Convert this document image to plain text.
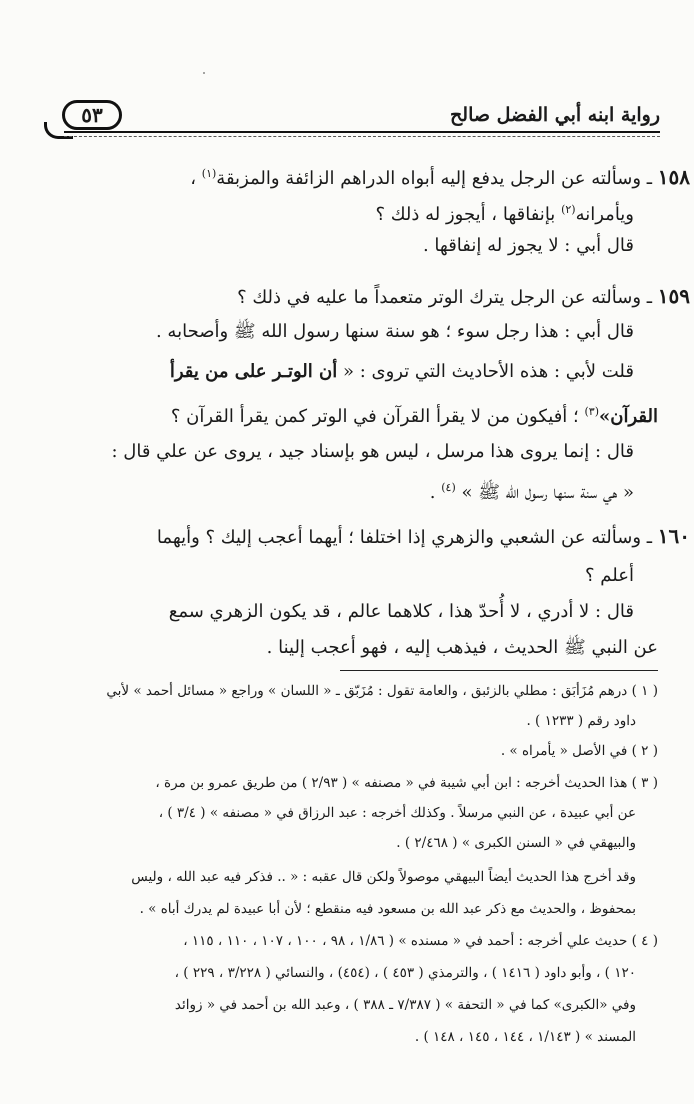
٥٣	رواية ابنه أبي الفضل صالح
١٥٨ ـ وسألته عن الرجل يدفع إليه أبواه الدراهم الزائفة والمزبقة$^{(١)}$ ،
ويأمرانه$^{(٢)}$ بإنفاقها ، أيجوز له ذلك ؟
قال أبي : لا يجوز له إنفاقها .
١٥٩ ـ وسألته عن الرجل يترك الوتر متعمداً ما عليه في ذلك ؟
قال أبي : هذا رجل سوء ؛ هو سنة سنها رسول الله ﷺ وأصحابه .
قلت لأبي : هذه الأحاديث التي تروى : « أن الوتـر على من يقرأ
القرآن»$^{(٣)}$ ؛ أفيكون من لا يقرأ القرآن في الوتر كمن يقرأ القرآن ؟
قال : إنما يروى هذا مرسل ، ليس هو بإسناد جيد ، يروى عن علي قال :
« هي سنة سنها رسول الله ﷺ » $^{(٤)}$ .
١٦٠ ـ وسألته عن الشعبي والزهري إذا اختلفا ؛ أيهما أعجب إليك ؟ وأيهما
أعلم ؟
قال : لا أدري ، لا أُحدّ هذا ، كلاهما عالم ، قد يكون الزهري سمع
عن النبي ﷺ الحديث ، فيذهب إليه ، فهو أعجب إلينا .
( ١ ) درهم مُزَأبَق : مطلي بالزئبق ، والعامة تقول : مُزَبّق ـ « اللسان » وراجع « مسائل أحمد » لأبي
داود رقم ( ١٢٣٣ ) .
( ٢ ) في الأصل « يأمراه » .
( ٣ ) هذا الحديث أخرجه : ابن أبي شيبة في « مصنفه » ( ٢/٩٣ ) من طريق عمرو بن مرة ،
عن أبي عبيدة ، عن النبي مرسلاً . وكذلك أخرجه : عبد الرزاق في « مصنفه » ( ٣/٤ ) ،
والبيهقي في « السنن الكبرى » ( ٢/٤٦٨ ) .
وقد أخرج هذا الحديث أيضاً البيهقي موصولاً ولكن قال عقبه : « .. فذكر فيه عبد الله ، وليس
بمحفوظ ، والحديث مع ذكر عبد الله بن مسعود فيه منقطع ؛ لأن أبا عبيدة لم يدرك أباه » .
( ٤ ) حديث علي أخرجه : أحمد في « مسنده » ( ١/٨٦ ، ٩٨ ، ١٠٠ ، ١٠٧ ، ١١٠ ، ١١٥ ،
١٢٠ ) ، وأبو داود ( ١٤١٦ ) ، والترمذي ( ٤٥٣ ) ، (٤٥٤) ، والنسائي ( ٣/٢٢٨ ، ٢٢٩ ) ،
وفي «الكبرى» كما في « التحفة » ( ٧/٣٨٧ ـ ٣٨٨ ) ، وعبد الله بن أحمد في « زوائد
المسند » ( ١/١٤٣ ، ١٤٤ ، ١٤٥ ، ١٤٨ ) .
